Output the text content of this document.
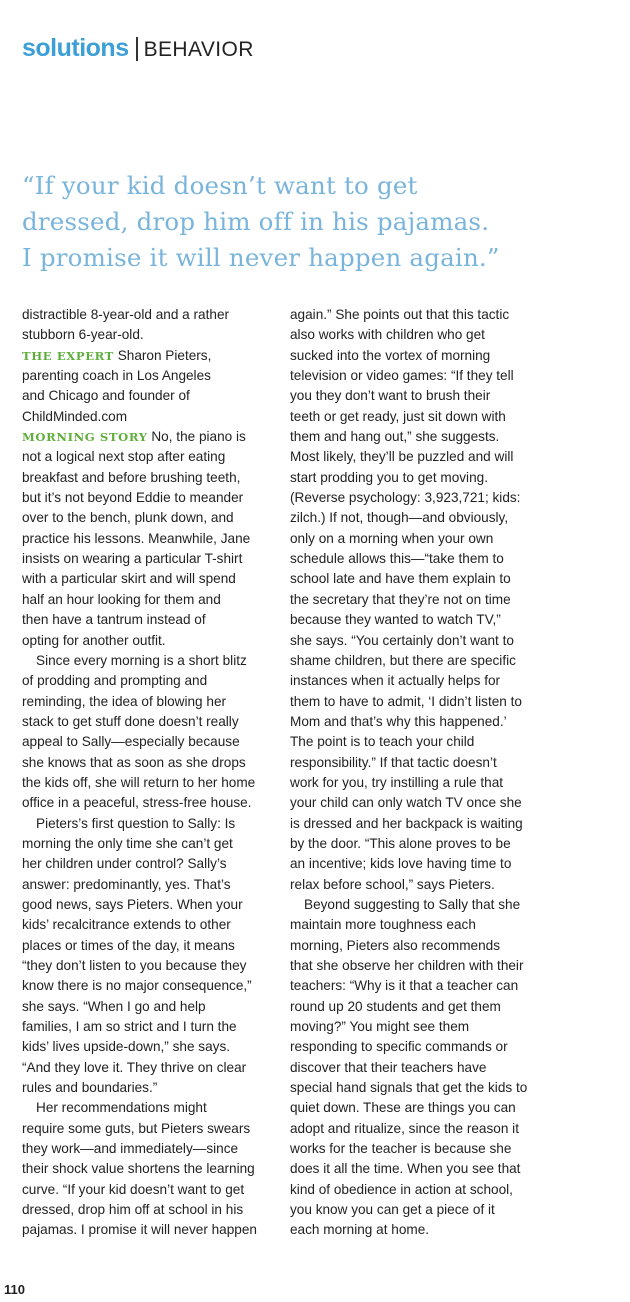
solutions BEHAVIOR
“If your kid doesn’t want to get
dressed, drop him off in his pajamas.
I promise it will never happen again.”
distractible 8-year-old and a rather
stubborn 6-year-old.
THE EXPERT Sharon Pieters,
parenting coach in Los Angeles
and Chicago and founder of
ChildMinded.com
MORNING STORY No, the piano is
not a logical next stop after eating
breakfast and before brushing teeth,
but it’s not beyond Eddie to meander
over to the bench, plunk down, and
practice his lessons. Meanwhile, Jane
insists on wearing a particular T-shirt
with a particular skirt and will spend
half an hour looking for them and
then have a tantrum instead of
opting for another outfit.
Since every morning is a short blitz
of prodding and prompting and
reminding, the idea of blowing her
stack to get stuff done doesn’t really
appeal to Sally—especially because
she knows that as soon as she drops
the kids off, she will return to her home
office in a peaceful, stress-free house.
Pieters’s first question to Sally: Is
morning the only time she can’t get
her children under control? Sally’s
answer: predominantly, yes. That’s
good news, says Pieters. When your
kids’ recalcitrance extends to other
places or times of the day, it means
“they don’t listen to you because they
know there is no major consequence,”
she says. “When I go and help
families, I am so strict and I turn the
kids’ lives upside-down,” she says.
“And they love it. They thrive on clear
rules and boundaries.”
Her recommendations might
require some guts, but Pieters swears
they work—and immediately—since
their shock value shortens the learning
curve. “If your kid doesn’t want to get
dressed, drop him off at school in his
pajamas. I promise it will never happen
again.” She points out that this tactic
also works with children who get
sucked into the vortex of morning
television or video games: “If they tell
you they don’t want to brush their
teeth or get ready, just sit down with
them and hang out,” she suggests.
Most likely, they’ll be puzzled and will
start prodding you to get moving.
(Reverse psychology: 3,923,721; kids:
zilch.) If not, though—and obviously,
only on a morning when your own
schedule allows this—“take them to
school late and have them explain to
the secretary that they’re not on time
because they wanted to watch TV,”
she says. “You certainly don’t want to
shame children, but there are specific
instances when it actually helps for
them to have to admit, ‘I didn’t listen to
Mom and that’s why this happened.’
The point is to teach your child
responsibility.” If that tactic doesn’t
work for you, try instilling a rule that
your child can only watch TV once she
is dressed and her backpack is waiting
by the door. “This alone proves to be
an incentive; kids love having time to
relax before school,” says Pieters.
Beyond suggesting to Sally that she
maintain more toughness each
morning, Pieters also recommends
that she observe her children with their
teachers: “Why is it that a teacher can
round up 20 students and get them
moving?” You might see them
responding to specific commands or
discover that their teachers have
special hand signals that get the kids to
quiet down. These are things you can
adopt and ritualize, since the reason it
works for the teacher is because she
does it all the time. When you see that
kind of obedience in action at school,
you know you can get a piece of it
each morning at home.
110
